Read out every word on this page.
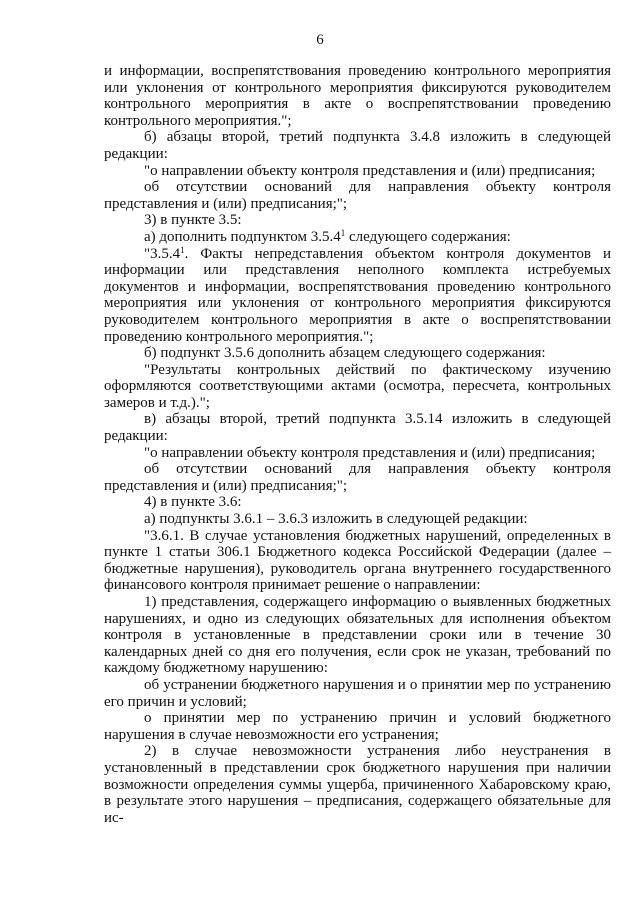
6

и информации, воспрепятствования проведению контрольного мероприятия или уклонения от контрольного мероприятия фиксируются руководителем контрольного мероприятия в акте о воспрепятствовании проведению контрольного мероприятия.";

б) абзацы второй, третий подпункта 3.4.8 изложить в следующей редакции:

"о направлении объекту контроля представления и (или) предписания;

об отсутствии оснований для направления объекту контроля представления и (или) предписания;";

3) в пункте 3.5:

а) дополнить подпунктом 3.5.4$^1$ следующего содержания:

"3.5.4$^1$. Факты непредставления объектом контроля документов и информации или представления неполного комплекта истребуемых документов и информации, воспрепятствования проведению контрольного мероприятия или уклонения от контрольного мероприятия фиксируются руководителем контрольного мероприятия в акте о воспрепятствовании проведению контрольного мероприятия.";

б) подпункт 3.5.6 дополнить абзацем следующего содержания:

"Результаты контрольных действий по фактическому изучению оформляются соответствующими актами (осмотра, пересчета, контрольных замеров и т.д.).";

в) абзацы второй, третий подпункта 3.5.14 изложить в следующей редакции:

"о направлении объекту контроля представления и (или) предписания;

об отсутствии оснований для направления объекту контроля представления и (или) предписания;";

4) в пункте 3.6:

а) подпункты 3.6.1 – 3.6.3 изложить в следующей редакции:

"3.6.1. В случае установления бюджетных нарушений, определенных в пункте 1 статьи 306.1 Бюджетного кодекса Российской Федерации (далее – бюджетные нарушения), руководитель органа внутреннего государственного финансового контроля принимает решение о направлении:

1) представления, содержащего информацию о выявленных бюджетных нарушениях, и одно из следующих обязательных для исполнения объектом контроля в установленные в представлении сроки или в течение 30 календарных дней со дня его получения, если срок не указан, требований по каждому бюджетному нарушению:

об устранении бюджетного нарушения и о принятии мер по устранению его причин и условий;

о принятии мер по устранению причин и условий бюджетного нарушения в случае невозможности его устранения;

2) в случае невозможности устранения либо неустранения в установленный в представлении срок бюджетного нарушения при наличии возможности определения суммы ущерба, причиненного Хабаровскому краю, в результате этого нарушения – предписания, содержащего обязательные для ис-
